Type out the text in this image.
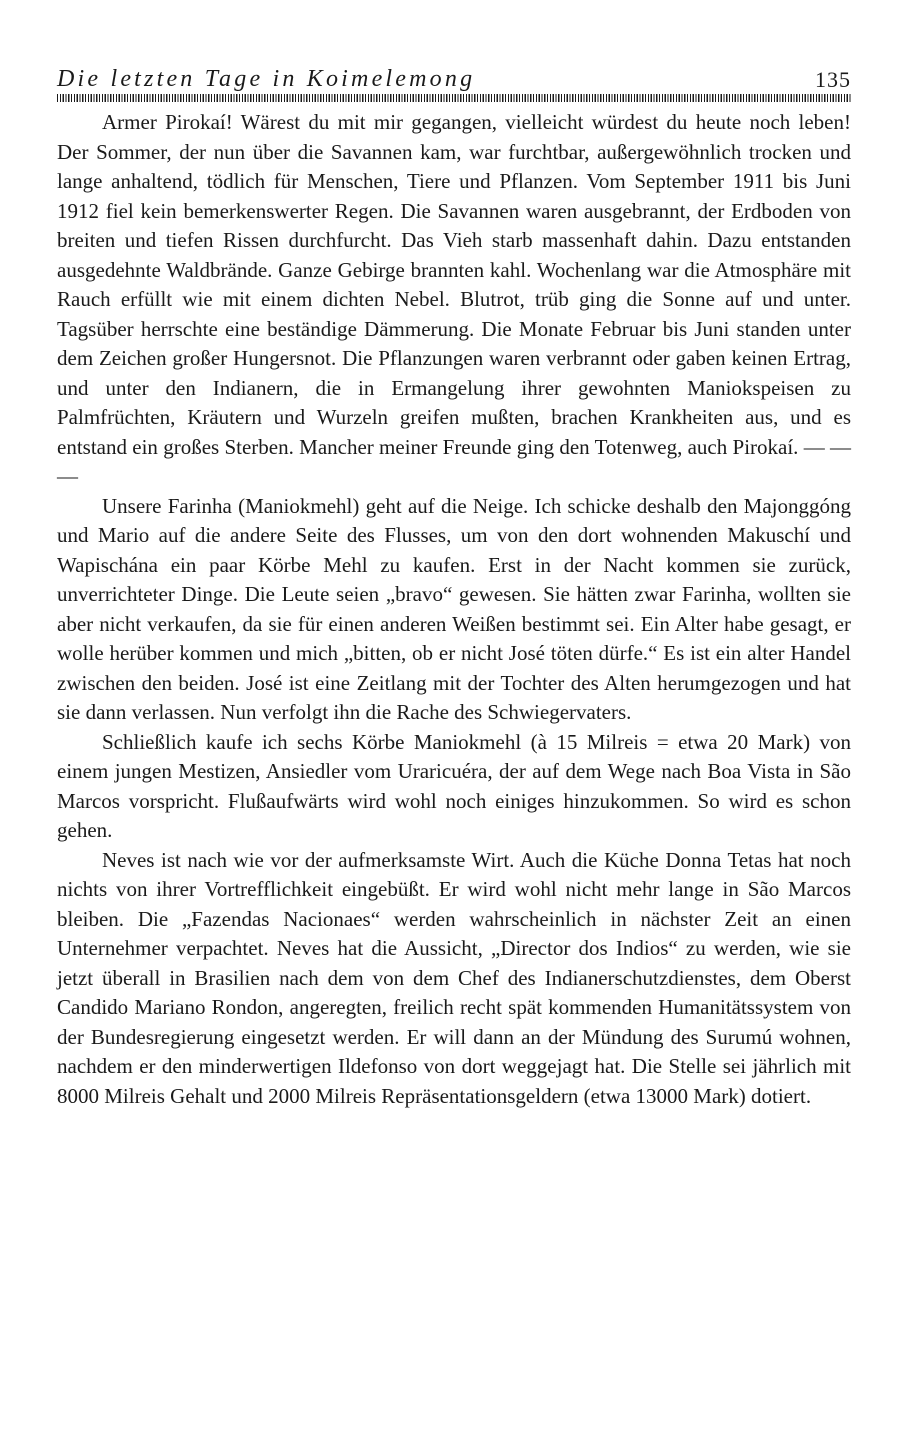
Die letzten Tage in Koimelemong	135

Armer Pirokaí! Wärest du mit mir gegangen, vielleicht würdest du heute noch leben! Der Sommer, der nun über die Savannen kam, war furchtbar, außergewöhnlich trocken und lange anhaltend, tödlich für Menschen, Tiere und Pflanzen. Vom September 1911 bis Juni 1912 fiel kein bemerkenswerter Regen. Die Savannen waren ausgebrannt, der Erdboden von breiten und tiefen Rissen durchfurcht. Das Vieh starb massenhaft dahin. Dazu entstanden ausgedehnte Waldbrände. Ganze Gebirge brannten kahl. Wochenlang war die Atmosphäre mit Rauch erfüllt wie mit einem dichten Nebel. Blutrot, trüb ging die Sonne auf und unter. Tagsüber herrschte eine beständige Dämmerung. Die Monate Februar bis Juni standen unter dem Zeichen großer Hungersnot. Die Pflanzungen waren verbrannt oder gaben keinen Ertrag, und unter den Indianern, die in Ermangelung ihrer gewohnten Maniokspeisen zu Palmfrüchten, Kräutern und Wurzeln greifen mußten, brachen Krankheiten aus, und es entstand ein großes Sterben. Mancher meiner Freunde ging den Totenweg, auch Pirokaí. — — —

Unsere Farinha (Maniokmehl) geht auf die Neige. Ich schicke deshalb den Majonggóng und Mario auf die andere Seite des Flusses, um von den dort wohnenden Makuschí und Wapischána ein paar Körbe Mehl zu kaufen. Erst in der Nacht kommen sie zurück, unverrichteter Dinge. Die Leute seien „bravo“ gewesen. Sie hätten zwar Farinha, wollten sie aber nicht verkaufen, da sie für einen anderen Weißen bestimmt sei. Ein Alter habe gesagt, er wolle herüber kommen und mich „bitten, ob er nicht José töten dürfe.“ Es ist ein alter Handel zwischen den beiden. José ist eine Zeitlang mit der Tochter des Alten herumgezogen und hat sie dann verlassen. Nun verfolgt ihn die Rache des Schwiegervaters.

Schließlich kaufe ich sechs Körbe Maniokmehl (à 15 Milreis = etwa 20 Mark) von einem jungen Mestizen, Ansiedler vom Uraricuéra, der auf dem Wege nach Boa Vista in São Marcos vorspricht. Flußaufwärts wird wohl noch einiges hinzukommen. So wird es schon gehen.

Neves ist nach wie vor der aufmerksamste Wirt. Auch die Küche Donna Tetas hat noch nichts von ihrer Vortrefflichkeit eingebüßt. Er wird wohl nicht mehr lange in São Marcos bleiben. Die „Fazendas Nacionaes“ werden wahrscheinlich in nächster Zeit an einen Unternehmer verpachtet. Neves hat die Aussicht, „Director dos Indios“ zu werden, wie sie jetzt überall in Brasilien nach dem von dem Chef des Indianerschutzdienstes, dem Oberst Candido Mariano Rondon, angeregten, freilich recht spät kommenden Humanitätssystem von der Bundesregierung eingesetzt werden. Er will dann an der Mündung des Surumú wohnen, nachdem er den minderwertigen Ildefonso von dort weggejagt hat. Die Stelle sei jährlich mit 8000 Milreis Gehalt und 2000 Milreis Repräsentationsgeldern (etwa 13000 Mark) dotiert.
